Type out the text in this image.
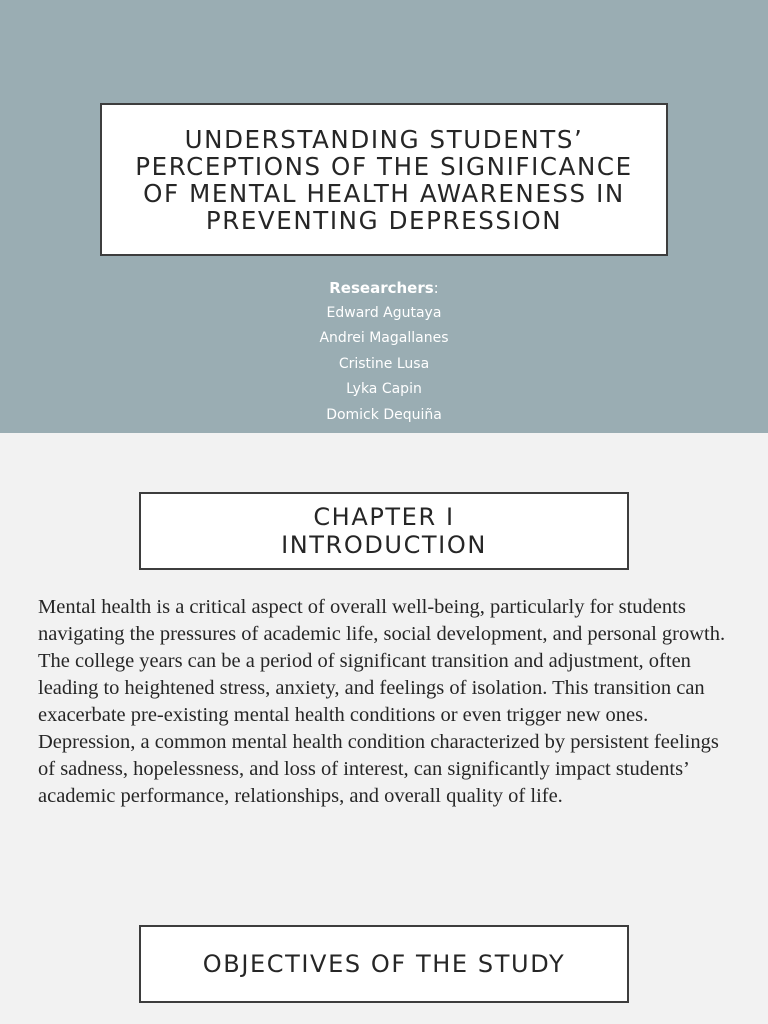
UNDERSTANDING STUDENTS’ PERCEPTIONS OF THE SIGNIFICANCE OF MENTAL HEALTH AWARENESS IN PREVENTING DEPRESSION
Researchers:
Edward Agutaya
Andrei Magallanes
Cristine Lusa
Lyka Capin
Domick Dequiña
CHAPTER I
INTRODUCTION

Mental health is a critical aspect of overall well-being, particularly for students navigating the pressures of academic life, social development, and personal growth. The college years can be a period of significant transition and adjustment, often leading to heightened stress, anxiety, and feelings of isolation. This transition can exacerbate pre-existing mental health conditions or even trigger new ones. Depression, a common mental health condition characterized by persistent feelings of sadness, hopelessness, and loss of interest, can significantly impact students’ academic performance, relationships, and overall quality of life.

OBJECTIVES OF THE STUDY
